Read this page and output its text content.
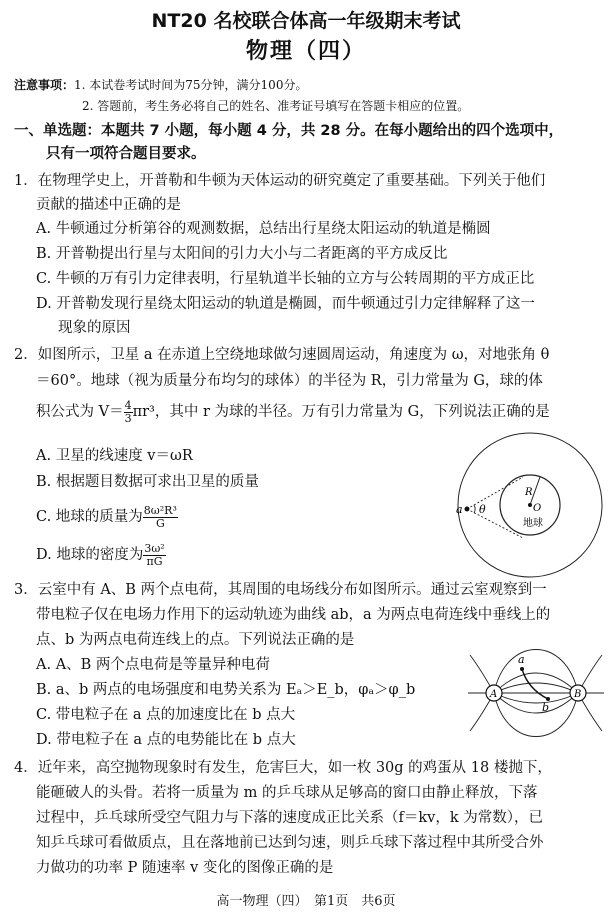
NT20 名校联合体高一年级期末考试
物理（四）
注意事项：1. 本试卷考试时间为75分钟，满分100分。
2. 答题前，考生务必将自己的姓名、准考证号填写在答题卡相应的位置。
一、单选题：本题共 7 小题，每小题 4 分，共 28 分。在每小题给出的四个选项中，
只有一项符合题目要求。
1．在物理学史上，开普勒和牛顿为天体运动的研究奠定了重要基础。下列关于他们
贡献的描述中正确的是
A. 牛顿通过分析第谷的观测数据，总结出行星绕太阳运动的轨道是椭圆
B. 开普勒提出行星与太阳间的引力大小与二者距离的平方成反比
C. 牛顿的万有引力定律表明，行星轨道半长轴的立方与公转周期的平方成正比
D. 开普勒发现行星绕太阳运动的轨道是椭圆，而牛顿通过引力定律解释了这一
现象的原因
2．如图所示，卫星 a 在赤道上空绕地球做匀速圆周运动，角速度为 ω，对地张角 θ
＝60°。地球（视为质量分布均匀的球体）的半径为 R，引力常量为 G，球的体
积公式为 $V= \frac{4}{3} \pi r^3$，其中 r 为球的半径。万有引力常量为 G，下列说法正确的是
A. 卫星的线速度 v＝ωR
B. 根据题目数据可求出卫星的质量
C. 地球的质量为 $\frac{\text{8ω²R³}}{G}$
D. 地球的密度为 $\frac{\text{3ω²}}{\pi G}$
a θ
R
O
地球
3．云室中有 A、B 两个点电荷，其周围的电场线分布如图所示。通过云室观察到一
带电粒子仅在电场力作用下的运动轨迹为曲线 ab，a 为两点电荷连线中垂线上的
点、b 为两点电荷连线上的点。下列说法正确的是
A. A、B 两个点电荷是等量异种电荷
B. a、b 两点的电场强度和电势关系为 Eₐ＞E_b，φₐ＞φ_b
C. 带电粒子在 a 点的加速度比在 b 点大
D. 带电粒子在 a 点的电势能比在 b 点大
A	B
a
b
4．近年来，高空抛物现象时有发生，危害巨大，如一枚 30g 的鸡蛋从 18 楼抛下，
能砸破人的头骨。若将一质量为 m 的乒乓球从足够高的窗口由静止释放，下落
过程中，乒乓球所受空气阻力与下落的速度成正比关系（f＝kv，k 为常数），已
知乒乓球可看做质点，且在落地前已达到匀速，则乒乓球下落过程中其所受合外
力做功的功率 P 随速率 v 变化的图像正确的是
高一物理（四）　第1页　共6页
